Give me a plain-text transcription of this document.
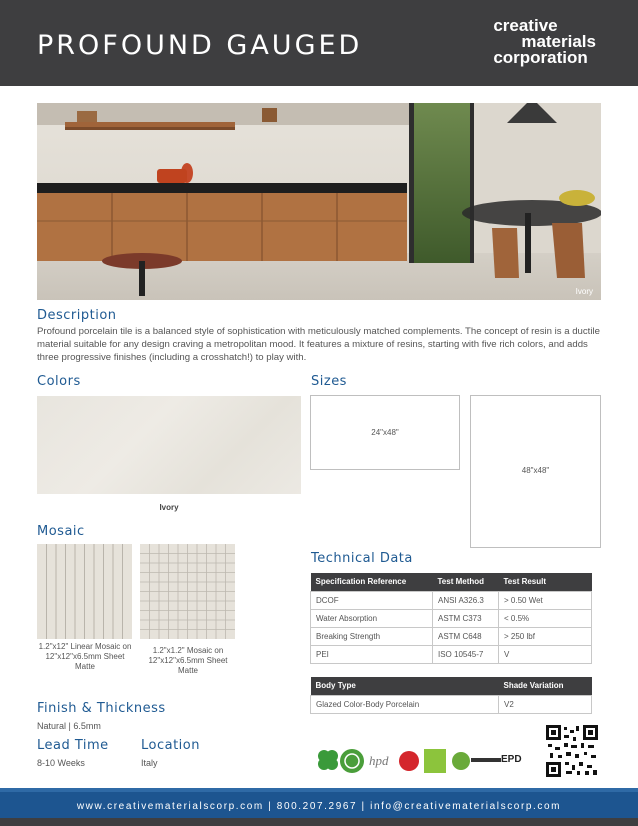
PROFOUND GAUGED
creative
materials
corporation
Ivory
Description
Profound porcelain tile is a balanced style of sophistication with meticulously matched complements. The concept of resin is a ductile material suitable for any design craving a metropolitan mood. It features a mixture of resins, starting with five rich colors, and adds three progressive finishes (including a crosshatch!) to play with.
Colors
Ivory
Sizes
24"x48"
48"x48"
Mosaic
1.2"x12" Linear Mosaic on 12"x12"x6.5mm Sheet Matte
1.2"x1.2" Mosaic on 12"x12"x6.5mm Sheet Matte
Technical Data
Specification Reference	Test Method	Test Result
DCOF	ANSI A326.3	> 0.50 Wet
Water Absorption	ASTM C373	< 0.5%
Breaking Strength	ASTM C648	> 250 lbf
PEI	ISO 10545-7	V
Body Type	Shade Variation
Glazed Color-Body Porcelain	V2
Finish & Thickness
Natural | 6.5mm
Lead Time
8-10 Weeks
Location
Italy	hpd	EPD
www.creativematerialscorp.com | 800.207.2967 | info@creativematerialscorp.com
